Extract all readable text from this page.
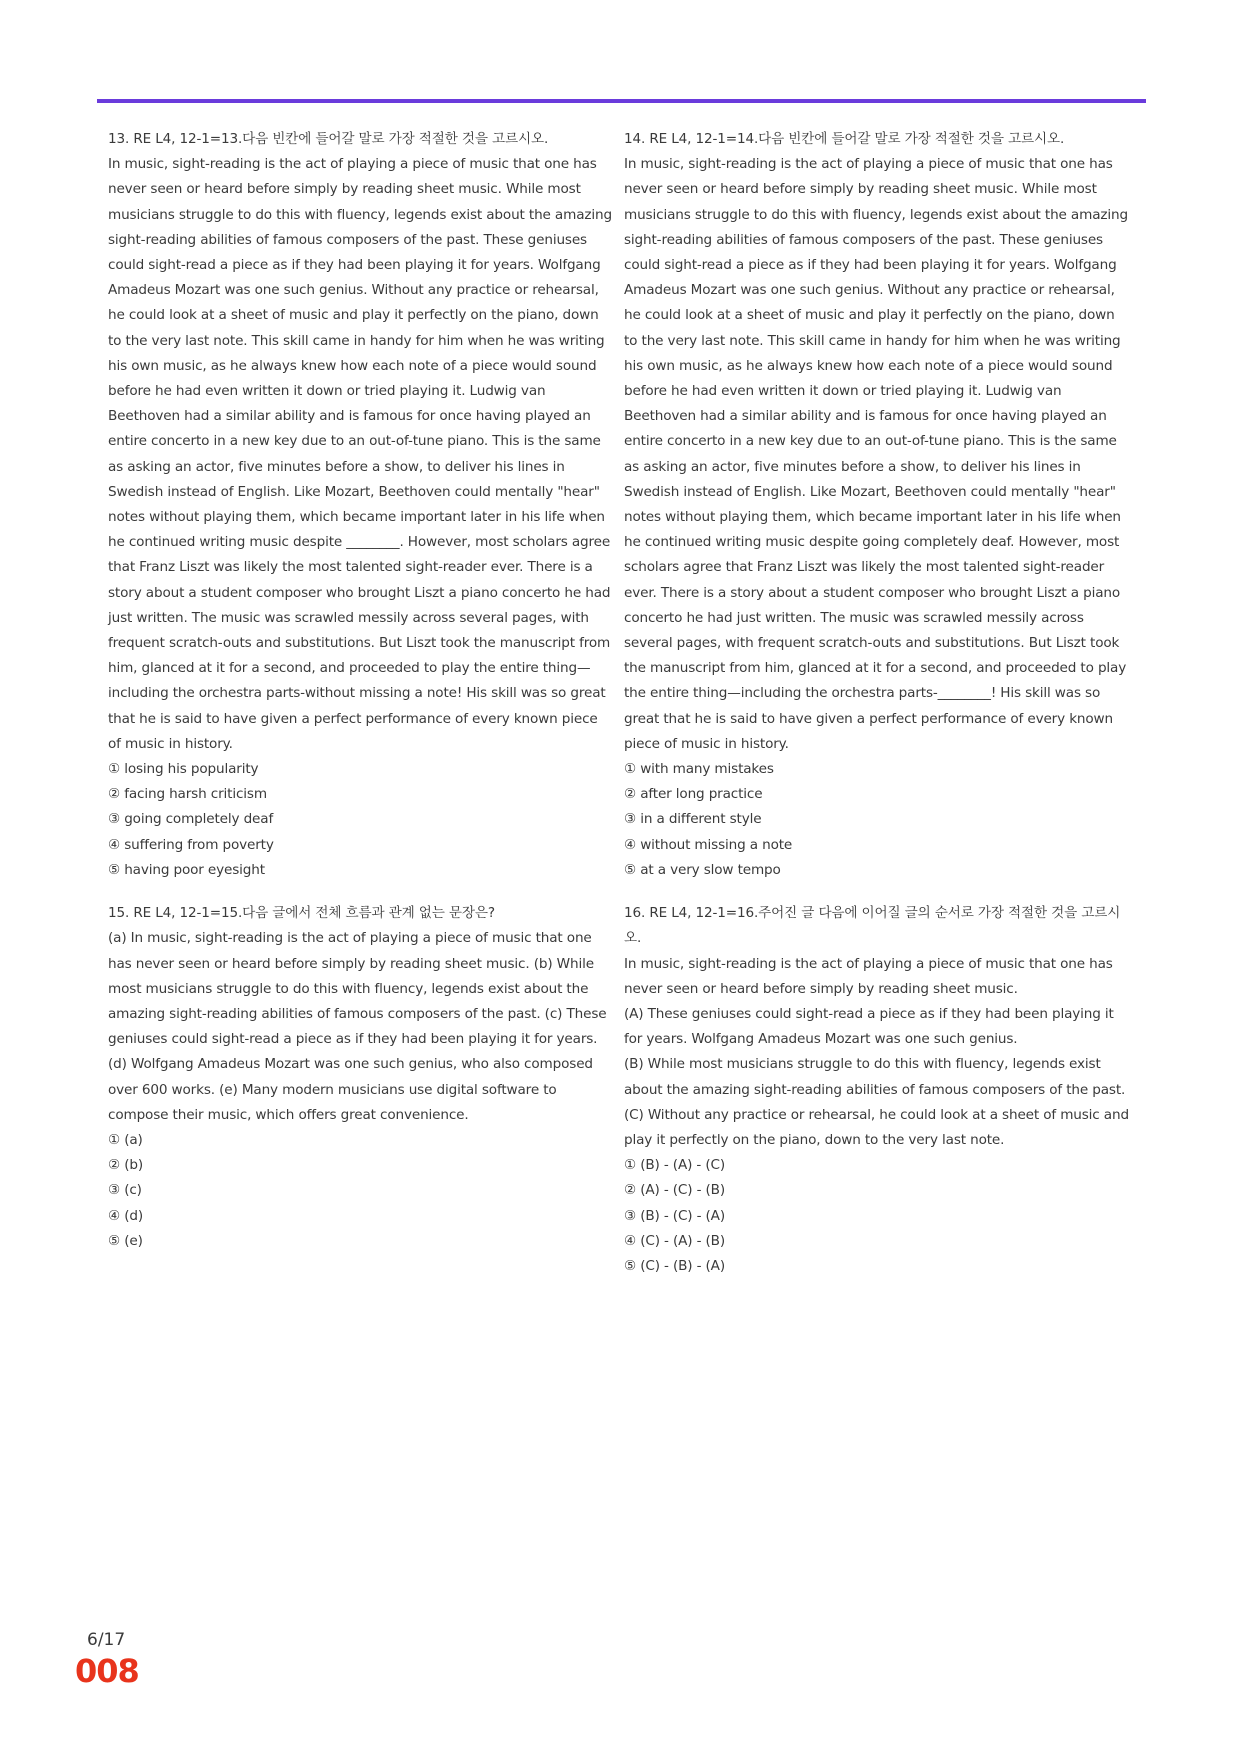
13. RE L4, 12-1=13.다음 빈칸에 들어갈 말로 가장 적절한 것을 고르시오.

In music, sight-reading is the act of playing a piece of music that one has never seen or heard before simply by reading sheet music. While most musicians struggle to do this with fluency, legends exist about the amazing sight-reading abilities of famous composers of the past. These geniuses could sight-read a piece as if they had been playing it for years. Wolfgang Amadeus Mozart was one such genius. Without any practice or rehearsal, he could look at a sheet of music and play it perfectly on the piano, down to the very last note. This skill came in handy for him when he was writing his own music, as he always knew how each note of a piece would sound before he had even written it down or tried playing it. Ludwig van Beethoven had a similar ability and is famous for once having played an entire concerto in a new key due to an out-of-tune piano. This is the same as asking an actor, five minutes before a show, to deliver his lines in Swedish instead of English. Like Mozart, Beethoven could mentally "hear" notes without playing them, which became important later in his life when he continued writing music despite ________. However, most scholars agree that Franz Liszt was likely the most talented sight-reader ever. There is a story about a student composer who brought Liszt a piano concerto he had just written. The music was scrawled messily across several pages, with frequent scratch-outs and substitutions. But Liszt took the manuscript from him, glanced at it for a second, and proceeded to play the entire thing—including the orchestra parts-without missing a note! His skill was so great that he is said to have given a perfect performance of every known piece of music in history.

① losing his popularity

② facing harsh criticism

③ going completely deaf

④ suffering from poverty

⑤ having poor eyesight

15. RE L4, 12-1=15.다음 글에서 전체 흐름과 관계 없는 문장은?

(a) In music, sight-reading is the act of playing a piece of music that one has never seen or heard before simply by reading sheet music. (b) While most musicians struggle to do this with fluency, legends exist about the amazing sight-reading abilities of famous composers of the past. (c) These geniuses could sight-read a piece as if they had been playing it for years. (d) Wolfgang Amadeus Mozart was one such genius, who also composed over 600 works. (e) Many modern musicians use digital software to compose their music, which offers great convenience.

① (a)

② (b)

③ (c)

④ (d)

⑤ (e)

14. RE L4, 12-1=14.다음 빈칸에 들어갈 말로 가장 적절한 것을 고르시오.

In music, sight-reading is the act of playing a piece of music that one has never seen or heard before simply by reading sheet music. While most musicians struggle to do this with fluency, legends exist about the amazing sight-reading abilities of famous composers of the past. These geniuses could sight-read a piece as if they had been playing it for years. Wolfgang Amadeus Mozart was one such genius. Without any practice or rehearsal, he could look at a sheet of music and play it perfectly on the piano, down to the very last note. This skill came in handy for him when he was writing his own music, as he always knew how each note of a piece would sound before he had even written it down or tried playing it. Ludwig van Beethoven had a similar ability and is famous for once having played an entire concerto in a new key due to an out-of-tune piano. This is the same as asking an actor, five minutes before a show, to deliver his lines in Swedish instead of English. Like Mozart, Beethoven could mentally "hear" notes without playing them, which became important later in his life when he continued writing music despite going completely deaf. However, most scholars agree that Franz Liszt was likely the most talented sight-reader ever. There is a story about a student composer who brought Liszt a piano concerto he had just written. The music was scrawled messily across several pages, with frequent scratch-outs and substitutions. But Liszt took the manuscript from him, glanced at it for a second, and proceeded to play the entire thing—including the orchestra parts-________! His skill was so great that he is said to have given a perfect performance of every known piece of music in history.

① with many mistakes

② after long practice

③ in a different style

④ without missing a note

⑤ at a very slow tempo

16. RE L4, 12-1=16.주어진 글 다음에 이어질 글의 순서로 가장 적절한 것을 고르시오.

In music, sight-reading is the act of playing a piece of music that one has never seen or heard before simply by reading sheet music.

(A) These geniuses could sight-read a piece as if they had been playing it for years. Wolfgang Amadeus Mozart was one such genius.

(B) While most musicians struggle to do this with fluency, legends exist about the amazing sight-reading abilities of famous composers of the past.

(C) Without any practice or rehearsal, he could look at a sheet of music and play it perfectly on the piano, down to the very last note.

① (B) - (A) - (C)

② (A) - (C) - (B)

③ (B) - (C) - (A)

④ (C) - (A) - (B)

⑤ (C) - (B) - (A)

6/17
008
